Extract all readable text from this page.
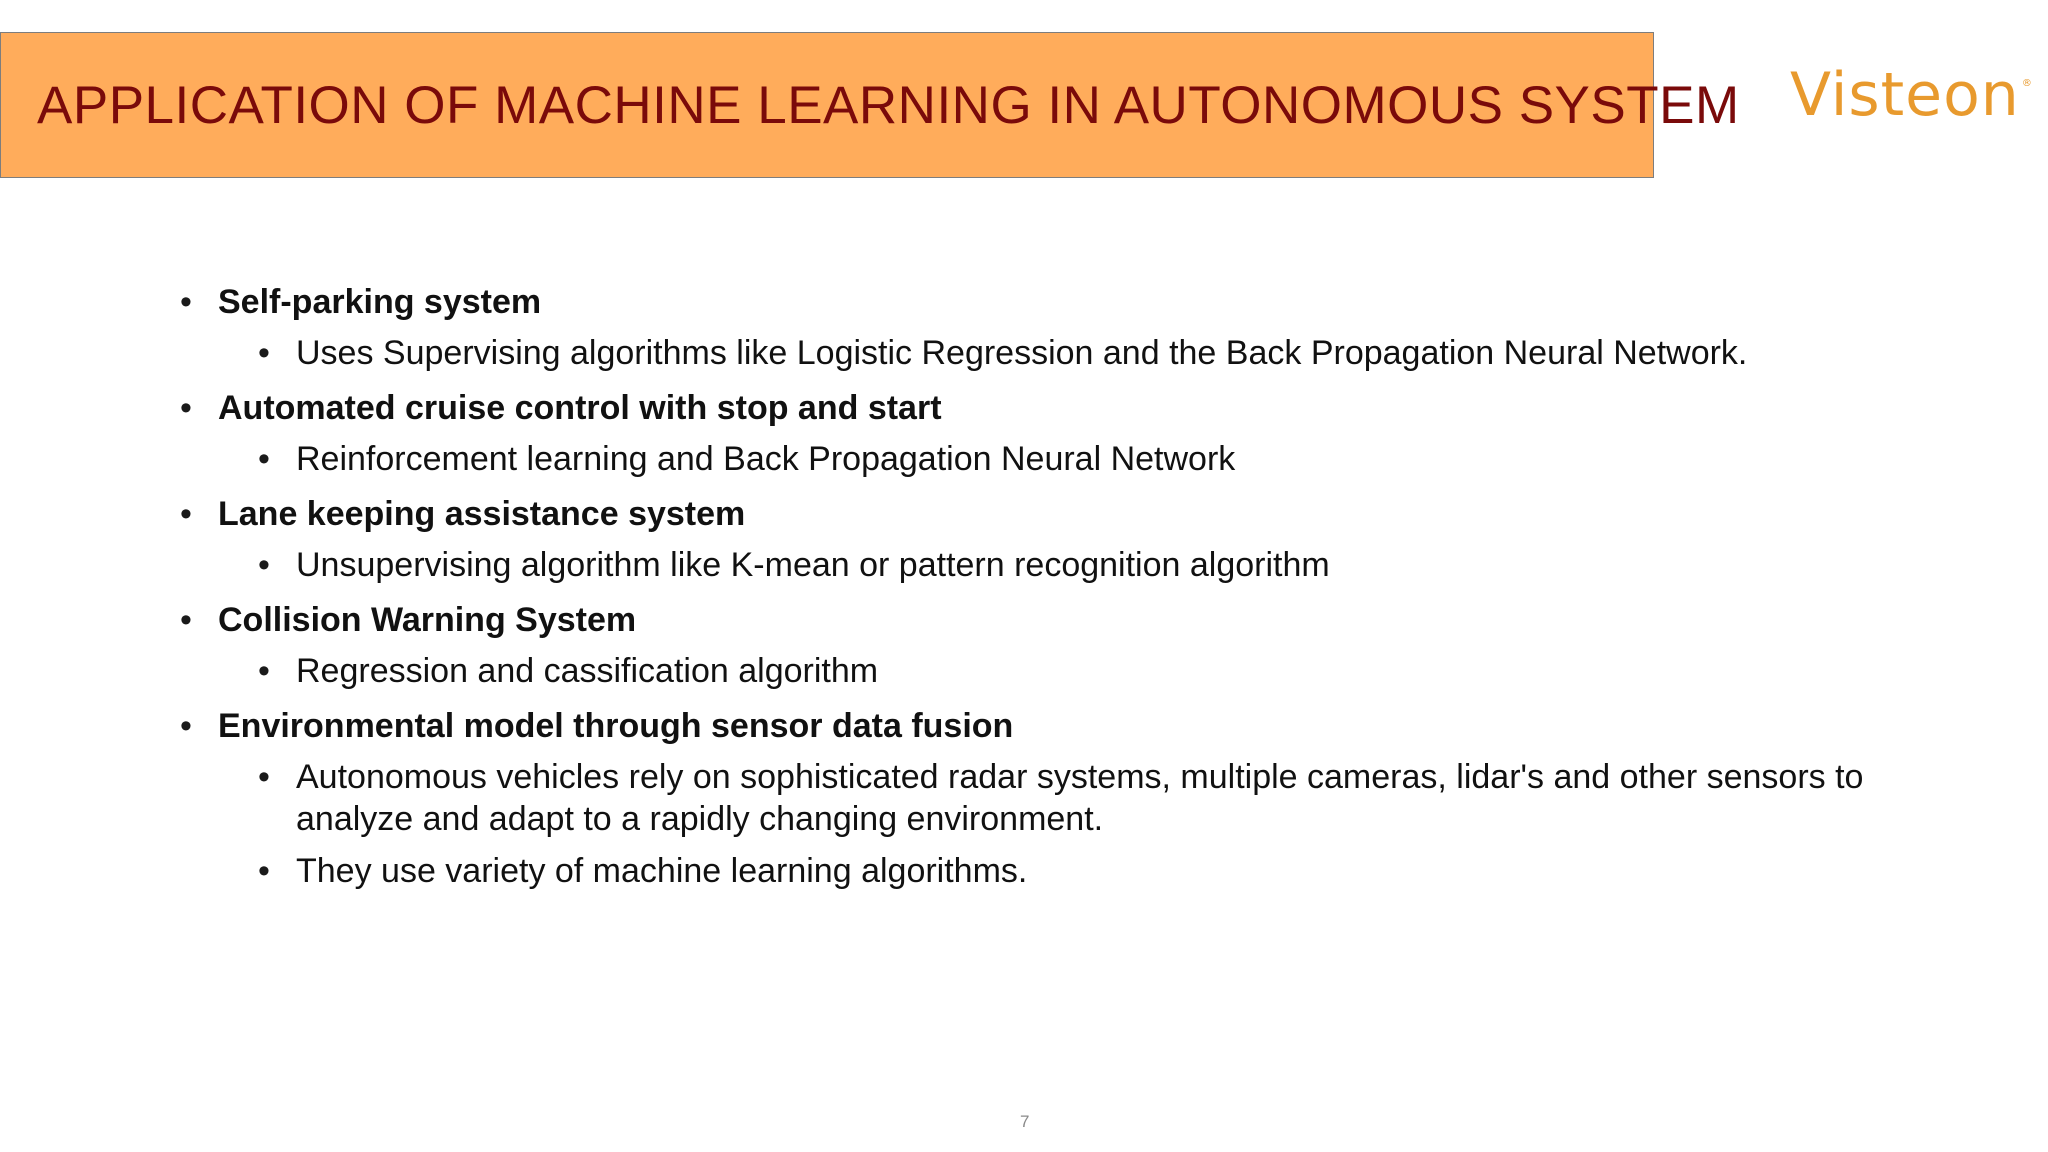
APPLICATION OF MACHINE LEARNING IN AUTONOMOUS SYSTEM Visteon ®
• Self-parking system
• Uses Supervising algorithms like Logistic Regression and the Back Propagation Neural Network.
• Automated cruise control with stop and start
• Reinforcement learning and Back Propagation Neural Network
• Lane keeping assistance system
• Unsupervising algorithm like K-mean or pattern recognition algorithm
• Collision Warning System
• Regression and cassification algorithm
• Environmental model through sensor data fusion
• Autonomous vehicles rely on sophisticated radar systems, multiple cameras, lidar's and other sensors to analyze and adapt to a rapidly changing environment.
• They use variety of machine learning algorithms.
7
